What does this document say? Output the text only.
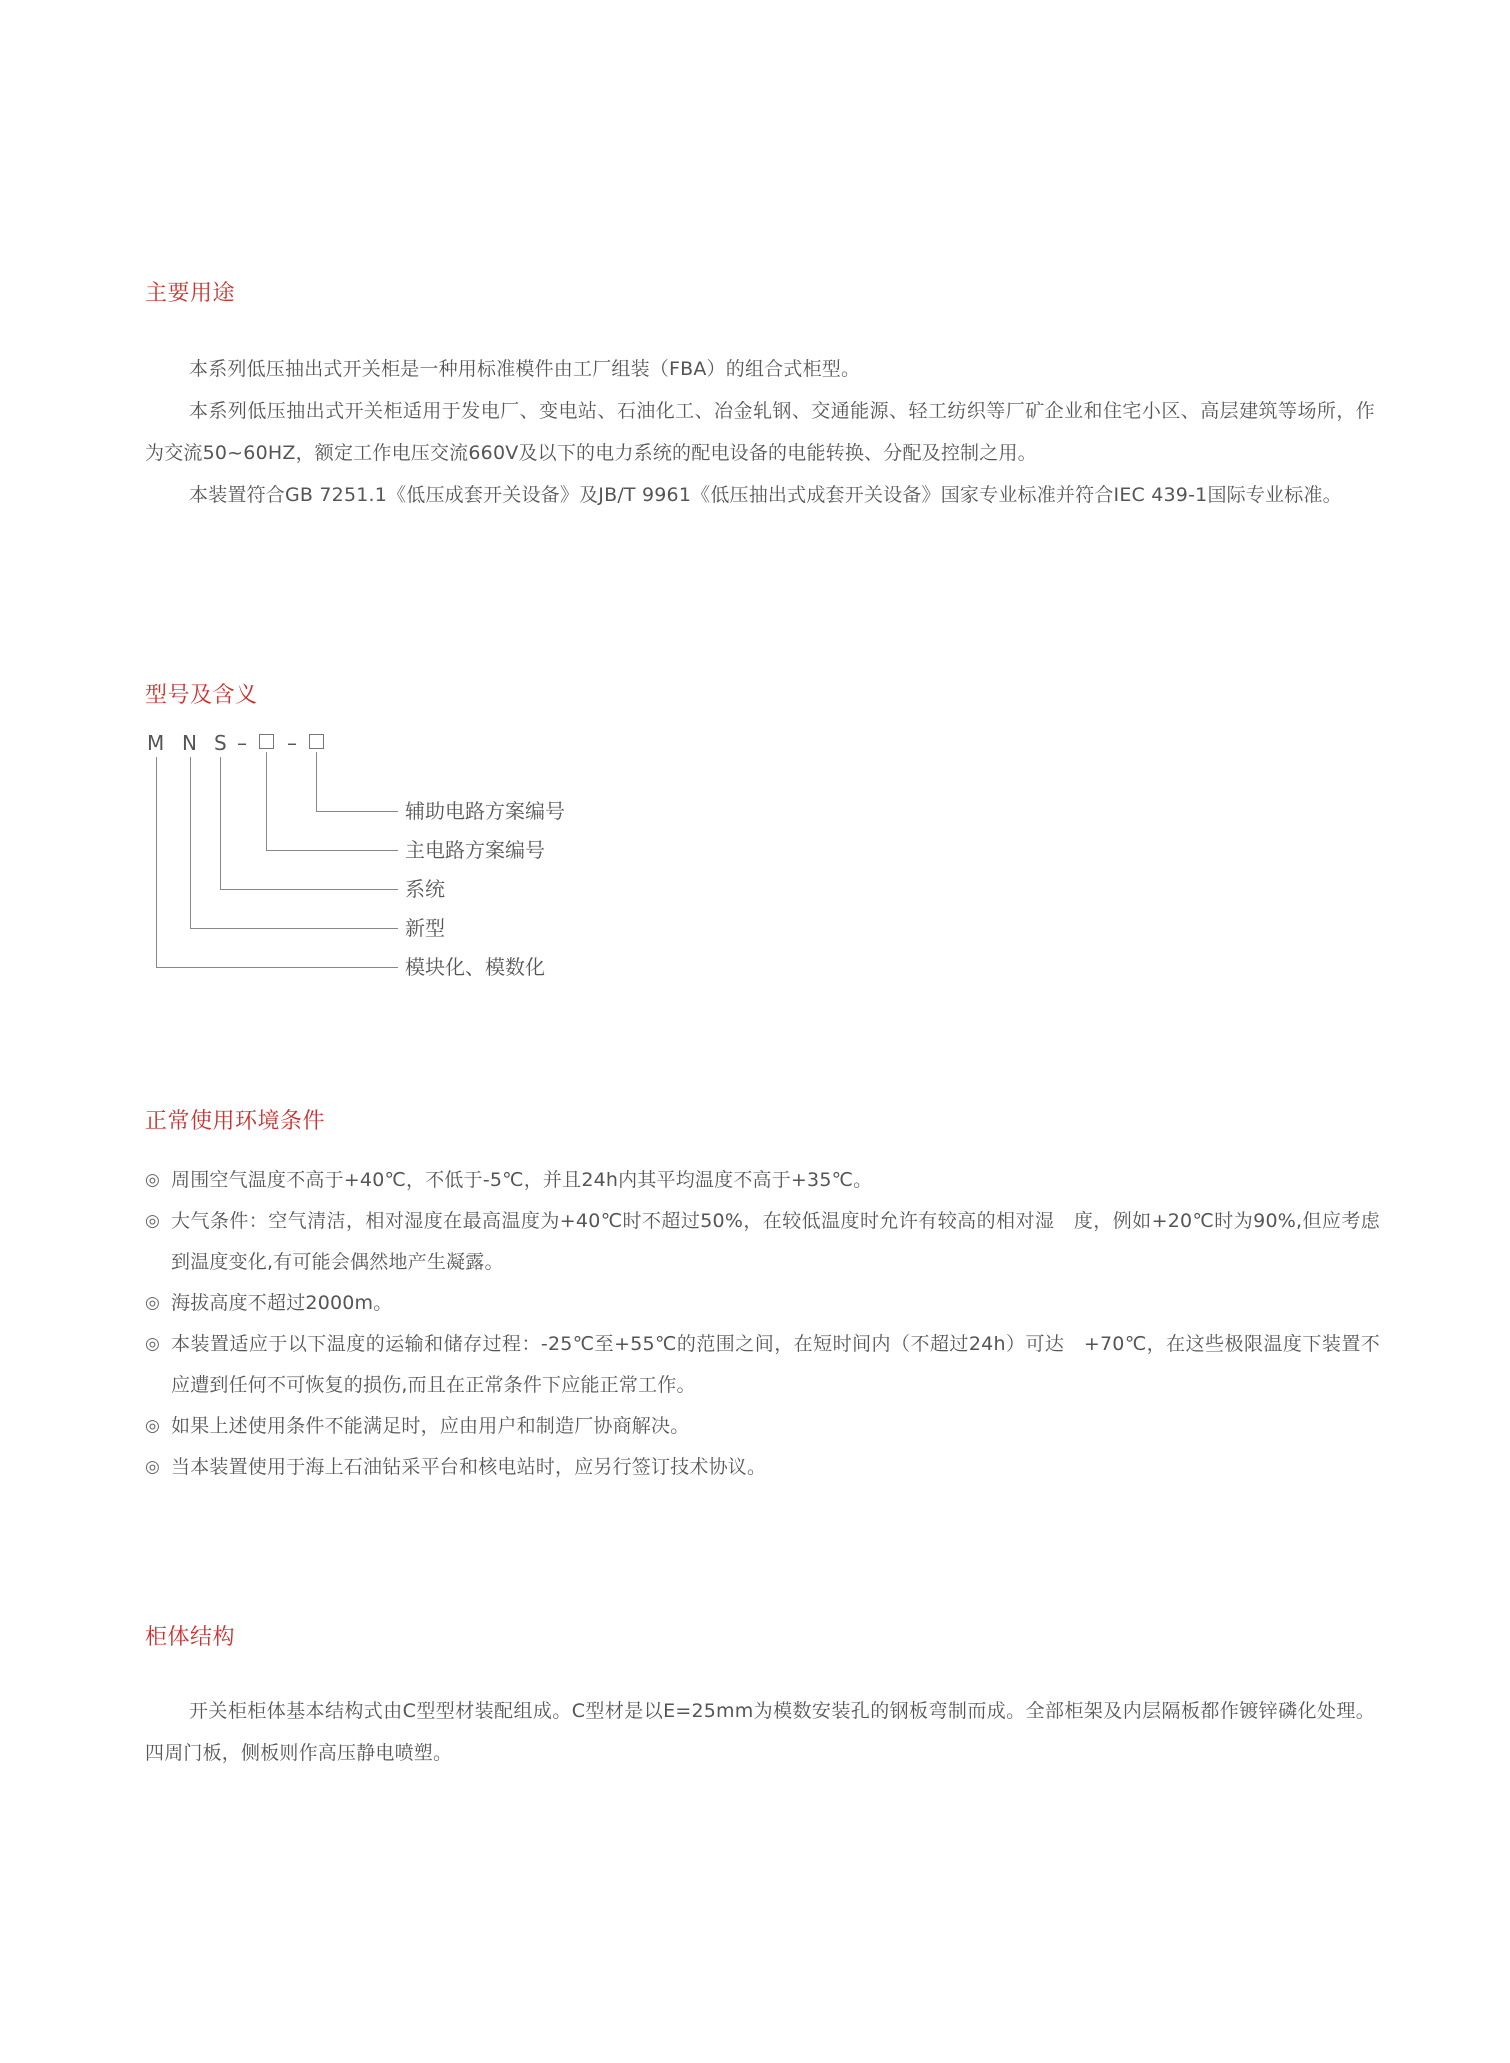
主要用途

本系列低压抽出式开关柜是一种用标准模件由工厂组装（FBA）的组合式柜型。

本系列低压抽出式开关柜适用于发电厂、变电站、石油化工、冶金轧钢、交通能源、轻工纺织等厂矿企业和住宅小区、高层建筑等场所，作为交流50~60HZ，额定工作电压交流660V及以下的电力系统的配电设备的电能转换、分配及控制之用。

本装置符合GB 7251.1《低压成套开关设备》及JB/T 9961《低压抽出式成套开关设备》国家专业标准并符合IEC 439-1国际专业标准。

型号及含义
M N S – –
辅助电路方案编号
主电路方案编号
系统
新型
模块化、模数化
正常使用环境条件
◎ 周围空气温度不高于+40℃，不低于-5℃，并且24h内其平均温度不高于+35℃。
◎ 大气条件：空气清洁，相对湿度在最高温度为+40℃时不超过50%，在较低温度时允许有较高的相对湿　度，例如+20℃时为90%,但应考虑到温度变化,有可能会偶然地产生凝露。
◎ 海拔高度不超过2000m。
◎ 本装置适应于以下温度的运输和储存过程：-25℃至+55℃的范围之间，在短时间内（不超过24h）可达　+70℃，在这些极限温度下装置不应遭到任何不可恢复的损伤,而且在正常条件下应能正常工作。
◎ 如果上述使用条件不能满足时，应由用户和制造厂协商解决。
◎ 当本装置使用于海上石油钻采平台和核电站时，应另行签订技术协议。
柜体结构

开关柜柜体基本结构式由C型型材装配组成。C型材是以E=25mm为模数安装孔的钢板弯制而成。全部柜架及内层隔板都作镀锌磷化处理。四周门板，侧板则作高压静电喷塑。
